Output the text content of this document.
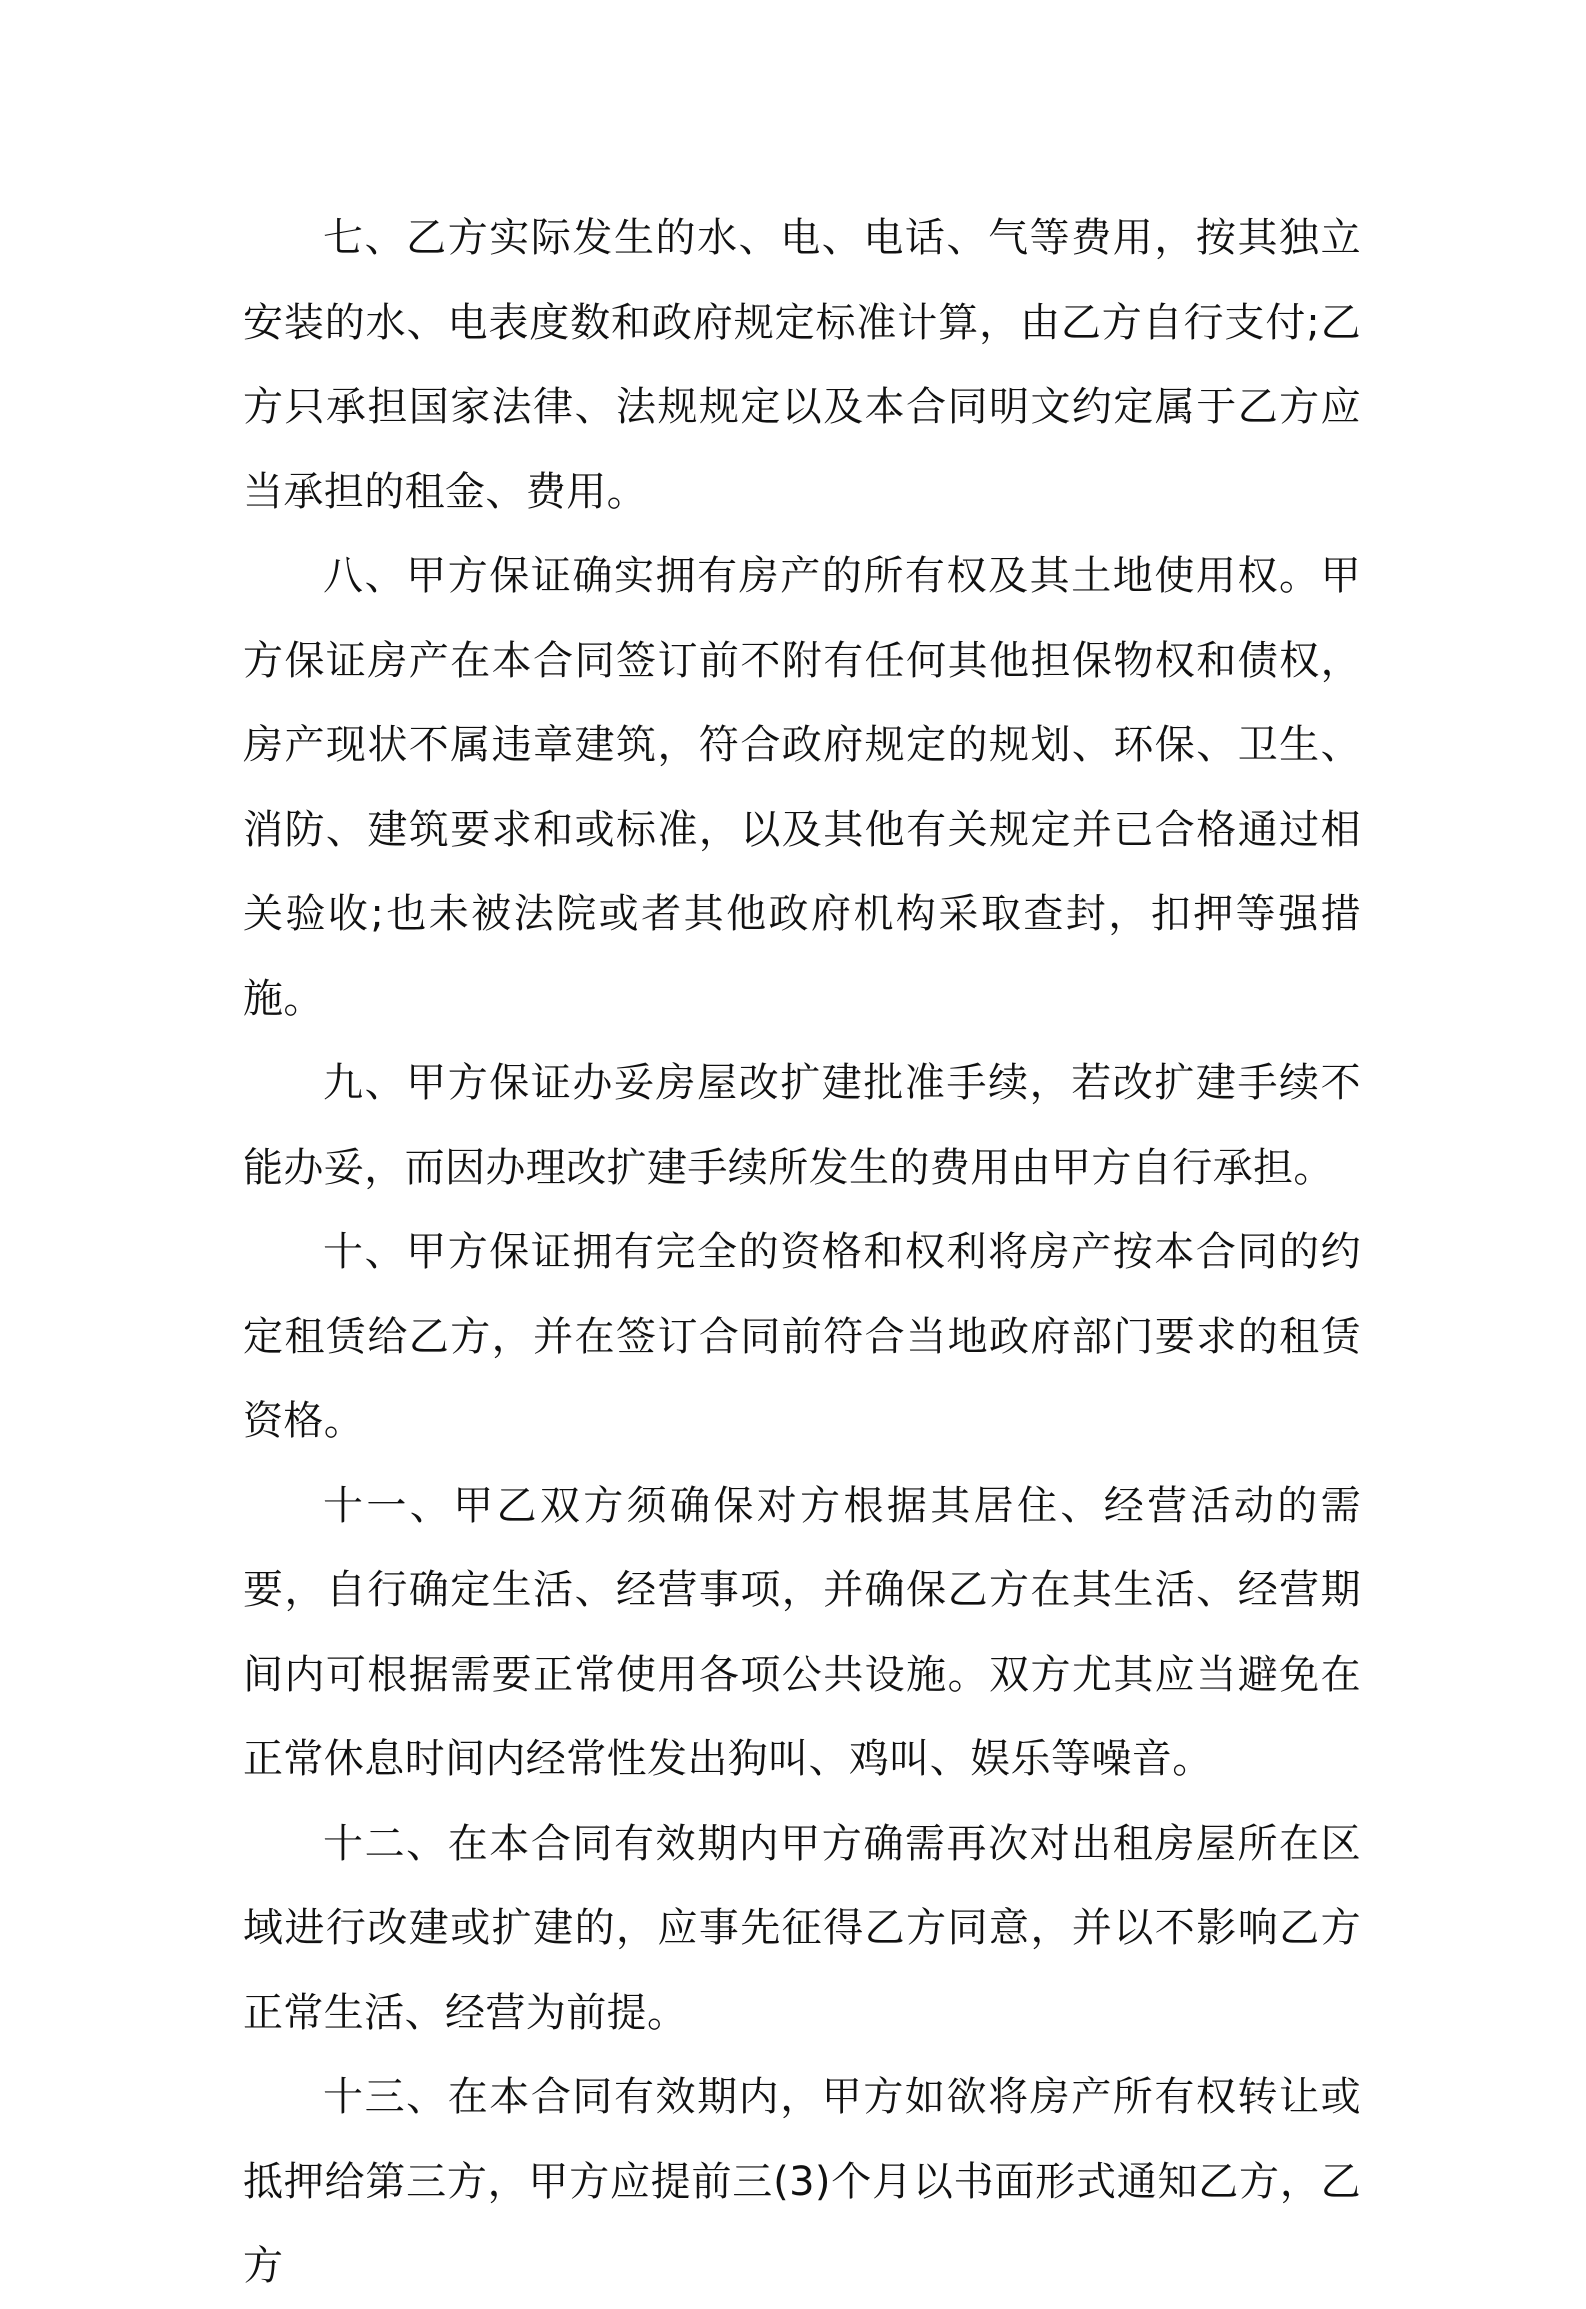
七、乙方实际发生的水、电、电话、气等费用，按其独立安装的水、电表度数和政府规定标准计算，由乙方自行支付;乙方只承担国家法律、法规规定以及本合同明文约定属于乙方应当承担的租金、费用。

八、甲方保证确实拥有房产的所有权及其土地使用权。甲方保证房产在本合同签订前不附有任何其他担保物权和债权，房产现状不属违章建筑，符合政府规定的规划、环保、卫生、消防、建筑要求和或标准，以及其他有关规定并已合格通过相关验收;也未被法院或者其他政府机构采取查封，扣押等强措施。

九、甲方保证办妥房屋改扩建批准手续，若改扩建手续不能办妥，而因办理改扩建手续所发生的费用由甲方自行承担。

十、甲方保证拥有完全的资格和权利将房产按本合同的约定租赁给乙方，并在签订合同前符合当地政府部门要求的租赁资格。

十一、甲乙双方须确保对方根据其居住、经营活动的需要，自行确定生活、经营事项，并确保乙方在其生活、经营期间内可根据需要正常使用各项公共设施。双方尤其应当避免在正常休息时间内经常性发出狗叫、鸡叫、娱乐等噪音。

十二、在本合同有效期内甲方确需再次对出租房屋所在区域进行改建或扩建的，应事先征得乙方同意，并以不影响乙方正常生活、经营为前提。

十三、在本合同有效期内，甲方如欲将房产所有权转让或抵押给第三方，甲方应提前三(3)个月以书面形式通知乙方，乙方
